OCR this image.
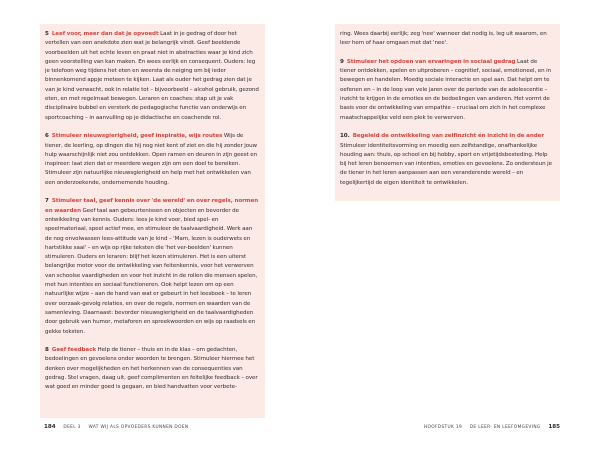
5 Leef voor, meer dan dat je opvoedt Laat in je gedrag of door het vertellen van een anekdote zien wat je belangrijk vindt. Geef beeldende voorbeelden uit het echte leven en praat niet in abstracties waar je kind zich geen voorstelling van kan maken. En wees eerlijk en consequent. Ouders: leg je telefoon weg tijdens het eten en weersta de neiging om bij ieder binnenkomend appje meteen te kijken. Laat als ouder het gedrag zien dat je van je kind verwacht, ook in relatie tot – bijvoorbeeld – alcohol gebruik, gezond eten, en met regelmaat bewegen. Leraren en coaches: stap uit je vak disciplinaire bubbel en versterk de pedagogische functie van onderwijs en sportcoaching – in aanvulling op je didactische en coachende rol.

6 Stimuleer nieuwsgierigheid, geef inspiratie, wijs routes Wijs de tiener, de leerling, op dingen die hij nog niet kent of ziet en die hij zonder jouw hulp waarschijnlijk niet zou ontdekken. Open ramen en deuren in zijn geest en inspireer: laat zien dat er meerdere wegen zijn om een doel te bereiken. Stimuleer zijn natuurlijke nieuwsgierigheid en help met het ontwikkelen van een onderzoekende, ondernemende houding.

7 Stimuleer taal, geef kennis over 'de wereld' en over regels, normen en waarden Geef taal aan gebeurtenissen en objecten en bevorder de ontwikkeling van kennis. Ouders: lees je kind voor, bied spel- en speelmateriaal, speel actief mee, en stimuleer de taalvaardigheid. Werk aan de nog onvolwassen lees-attitude van je kind – 'Mam, lezen is ouderwets en hartstikke saai' – en wijs op rijke teksten die 'het ver-beelden' kunnen stimuleren. Ouders en leraren: blijf het lezen stimuleren. Het is een uiterst belangrijke motor voor de ontwikkeling van feitenkennis, voor het verwerven van schoolse vaardigheden en voor het inzicht in de rollen die mensen spelen, met hun intenties en sociaal functioneren. Ook helpt lezen om op een natuurlijke wijze – aan de hand van wat er gebeurt in het leesboek – te leren over oorzaak-gevolg relaties, en over de regels, normen en waarden van de samenleving. Daarnaast: bevorder nieuwsgierigheid en de taalvaardigheden door gebruik van humor, metaforen en spreekwoorden en wijs op raadsels en gekke teksten.

8 Geef feedback Help de tiener – thuis en in de klas – om gedachten, bedoelingen en gevoelens onder woorden te brengen. Stimuleer hiermee het denken over mogelijkheden en het herkennen van de consequenties van gedrag. Stel vragen, daag uit, geef complimenten en feitelijke feedback – over wat goed en minder goed is gegaan, en bied handvatten voor verbete-

184 DEEL 3 WAT WIJ ALS OPVOEDERS KUNNEN DOEN

ring. Wees daarbij eerlijk; zeg 'nee' wanneer dat nodig is, leg uit waarom, en leer hem of haar omgaan met dat 'nee'.

9 Stimuleer het opdoen van ervaringen in sociaal gedrag Laat de tiener ontdekken, spelen en uitproberen – cognitief, sociaal, emotioneel, en in bewegen en handelen. Moedig sociale interactie en spel aan. Dat helpt om te oefenen en – in de loop van vele jaren over de periode van de adolescentie – inzicht te krijgen in de emoties en de bedoelingen van anderen. Het vormt de basis voor de ontwikkeling van empathie – cruciaal om zich in het complexe maatschappelijke veld een plek te verwerven.

10. Begeleid de ontwikkeling van zelfinzicht én inzicht in de ander Stimuleer identiteitsvorming en moedig een zelfstandige, onafhankelijke houding aan: thuis, op school en bij hobby, sport en vrijetijdsbesteding. Help bij het leren benoemen van intenties, emoties en gevoelens. Zo ondersteun je de tiener in het leren aanpassen aan een veranderende wereld – en tegelijkertijd de eigen identiteit te ontwikkelen.

HOOFDSTUK 19 DE LEER- EN LEEFOMGEVING 185
